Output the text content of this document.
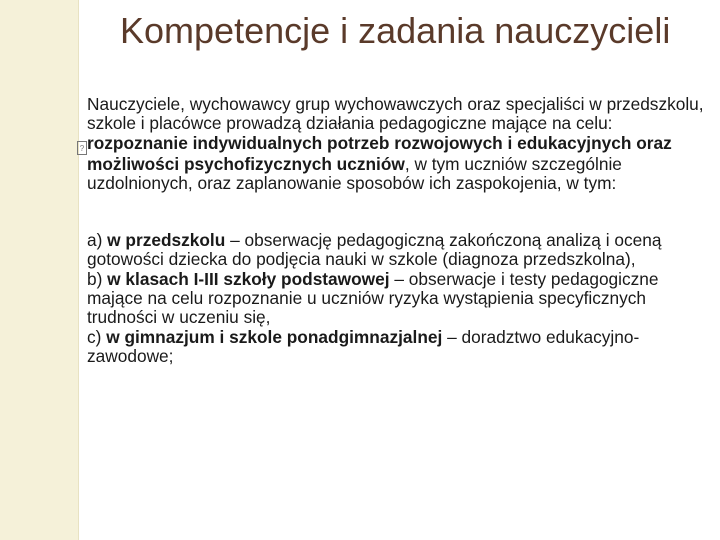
Kompetencje i zadania nauczycieli

Nauczyciele, wychowawcy grup wychowawczych oraz specjaliści w przedszkolu, szkole i placówce prowadzą działania pedagogiczne mające na celu:

? rozpoznanie indywidualnych potrzeb rozwojowych i edukacyjnych oraz możliwości psychofizycznych uczniów, w tym uczniów szczególnie uzdolnionych, oraz zaplanowanie sposobów ich zaspokojenia, w tym:

a) w przedszkolu – obserwację pedagogiczną zakończoną analizą i oceną gotowości dziecka do podjęcia nauki w szkole (diagnoza przedszkolna),

b) w klasach I-III szkoły podstawowej – obserwacje i testy pedagogiczne mające na celu rozpoznanie u uczniów ryzyka wystąpienia specyficznych trudności w uczeniu się,

c) w gimnazjum i szkole ponadgimnazjalnej – doradztwo edukacyjno-zawodowe;
